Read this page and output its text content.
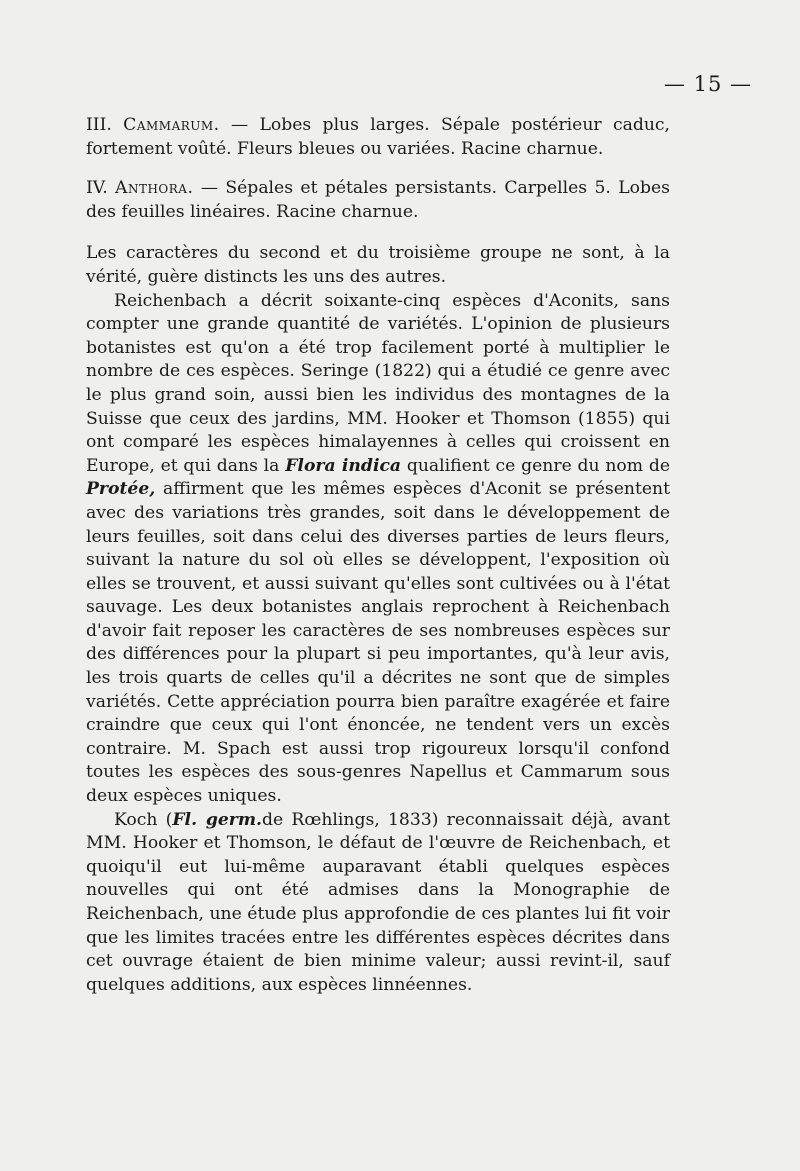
— 15 —

III. Cammarum. — Lobes plus larges. Sépale postérieur caduc, fortement voûté. Fleurs bleues ou variées. Racine charnue.

IV. Anthora. — Sépales et pétales persistants. Carpelles 5. Lobes des feuilles linéaires. Racine charnue.

Les caractères du second et du troisième groupe ne sont, à la vérité, guère distincts les uns des autres.

Reichenbach a décrit soixante-cinq espèces d'Aconits, sans compter une grande quantité de variétés. L'opinion de plusieurs botanistes est qu'on a été trop facilement porté à multiplier le nombre de ces espèces. Seringe (1822) qui a étudié ce genre avec le plus grand soin, aussi bien les individus des montagnes de la Suisse que ceux des jardins, MM. Hooker et Thomson (1855) qui ont comparé les espèces himalayennes à celles qui croissent en Europe, et qui dans la Flora indica qualifient ce genre du nom de Protée, affirment que les mêmes espèces d'Aconit se présentent avec des variations très grandes, soit dans le développement de leurs feuilles, soit dans celui des diverses parties de leurs fleurs, suivant la nature du sol où elles se développent, l'exposition où elles se trouvent, et aussi suivant qu'elles sont cultivées ou à l'état sauvage. Les deux botanistes anglais reprochent à Reichenbach d'avoir fait reposer les caractères de ses nombreuses espèces sur des différences pour la plupart si peu importantes, qu'à leur avis, les trois quarts de celles qu'il a décrites ne sont que de simples variétés. Cette appréciation pourra bien paraître exagérée et faire craindre que ceux qui l'ont énoncée, ne tendent vers un excès contraire. M. Spach est aussi trop rigoureux lorsqu'il confond toutes les espèces des sous-genres Napellus et Cammarum sous deux espèces uniques.

Koch (Fl. germ.de Rœhlings, 1833) reconnaissait déjà, avant MM. Hooker et Thomson, le défaut de l'œuvre de Reichenbach, et quoiqu'il eut lui-même auparavant établi quelques espèces nouvelles qui ont été admises dans la Monographie de Reichenbach, une étude plus approfondie de ces plantes lui fit voir que les limites tracées entre les différentes espèces décrites dans cet ouvrage étaient de bien minime valeur; aussi revint-il, sauf quelques additions, aux espèces linnéennes.
